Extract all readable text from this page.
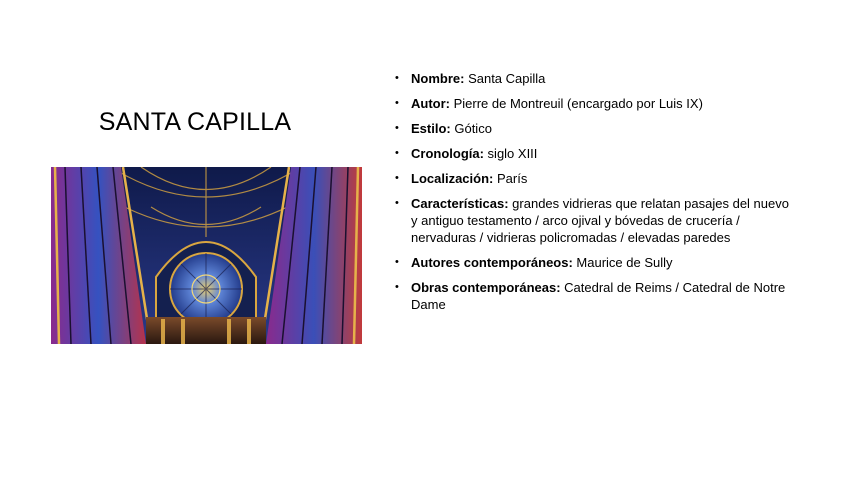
SANTA CAPILLA
• Nombre: Santa Capilla
• Autor: Pierre de Montreuil (encargado por Luis IX)
• Estilo: Gótico
• Cronología: siglo XIII
• Localización: París
• Características: grandes vidrieras que relatan pasajes del nuevo y antiguo testamento / arco ojival y bóvedas de crucería / nervaduras / vidrieras policromadas / elevadas paredes
• Autores contemporáneos: Maurice de Sully
• Obras contemporáneas: Catedral de Reims / Catedral de Notre Dame
